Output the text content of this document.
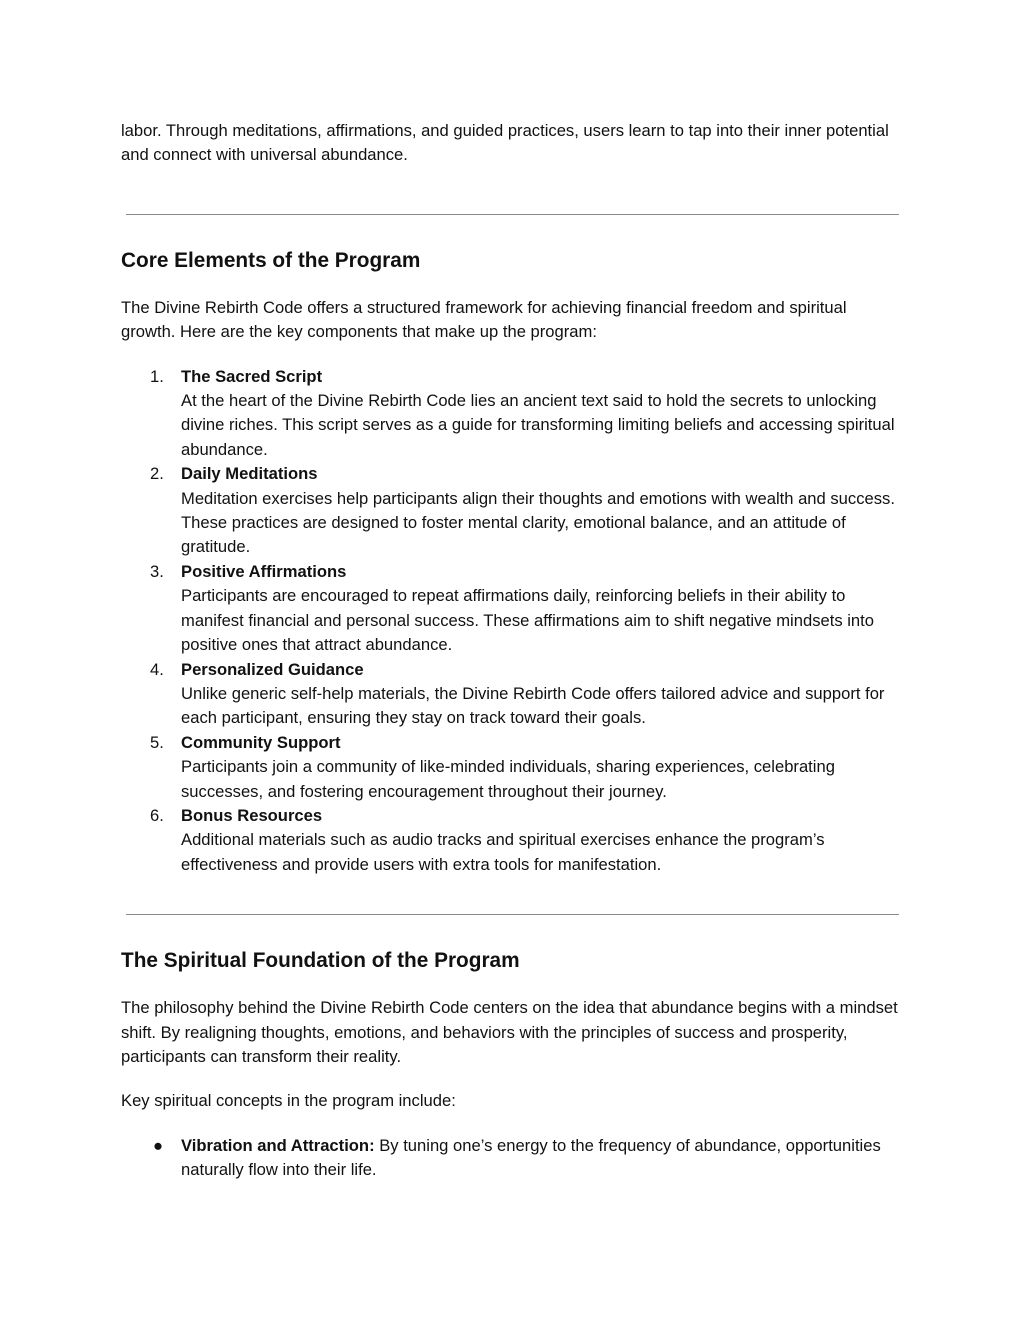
labor. Through meditations, affirmations, and guided practices, users learn to tap into their inner potential and connect with universal abundance.

Core Elements of the Program

The Divine Rebirth Code offers a structured framework for achieving financial freedom and spiritual growth. Here are the key components that make up the program:

1. The Sacred Script
At the heart of the Divine Rebirth Code lies an ancient text said to hold the secrets to unlocking divine riches. This script serves as a guide for transforming limiting beliefs and accessing spiritual abundance.
2. Daily Meditations
Meditation exercises help participants align their thoughts and emotions with wealth and success. These practices are designed to foster mental clarity, emotional balance, and an attitude of gratitude.
3. Positive Affirmations
Participants are encouraged to repeat affirmations daily, reinforcing beliefs in their ability to manifest financial and personal success. These affirmations aim to shift negative mindsets into positive ones that attract abundance.
4. Personalized Guidance
Unlike generic self-help materials, the Divine Rebirth Code offers tailored advice and support for each participant, ensuring they stay on track toward their goals.
5. Community Support
Participants join a community of like-minded individuals, sharing experiences, celebrating successes, and fostering encouragement throughout their journey.
6. Bonus Resources
Additional materials such as audio tracks and spiritual exercises enhance the program’s effectiveness and provide users with extra tools for manifestation.
The Spiritual Foundation of the Program

The philosophy behind the Divine Rebirth Code centers on the idea that abundance begins with a mindset shift. By realigning thoughts, emotions, and behaviors with the principles of success and prosperity, participants can transform their reality.

Key spiritual concepts in the program include:

● Vibration and Attraction: By tuning one’s energy to the frequency of abundance, opportunities naturally flow into their life.
